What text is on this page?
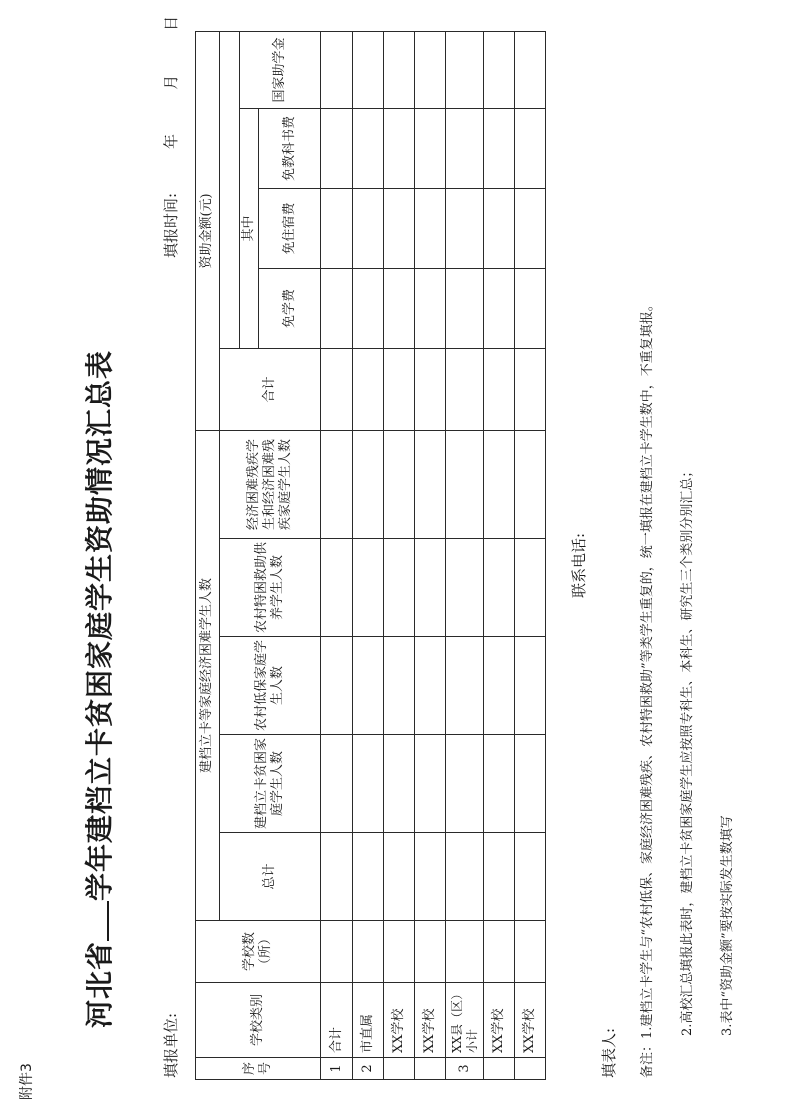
附件3
河北省学年建档立卡贫困家庭学生资助情况汇总表
填报单位:
填报时间:年月日
序号	学校类别	学校数（所）	建档立卡等家庭经济困难学生人数					资助金额(元)				
			总计	建档立卡贫困家庭学生人数	农村低保家庭学生人数	农村特困救助供养学生人数	经济困难残疾学生和经济困难残疾家庭学生人数	合计				
									其中			国家助学金
									免学费	免住宿费	免教科书费	
1	合计											
2	市直属											
	XX学校											
	XX学校											
3	XX县（区）小计											
	XX学校											
	XX学校											
联系电话:
填表人:	备注：1.建档立卡学生与“农村低保、家庭经济困难残疾、农村特困救助”等类学生重复的，统一填报在建档立卡学生数中，不重复填报。	2.高校汇总填报此表时，建档立卡贫困家庭学生应按照专科生、本科生、研究生三个类别分别汇总；	3.表中“资助金额”要按实际发生数填写
